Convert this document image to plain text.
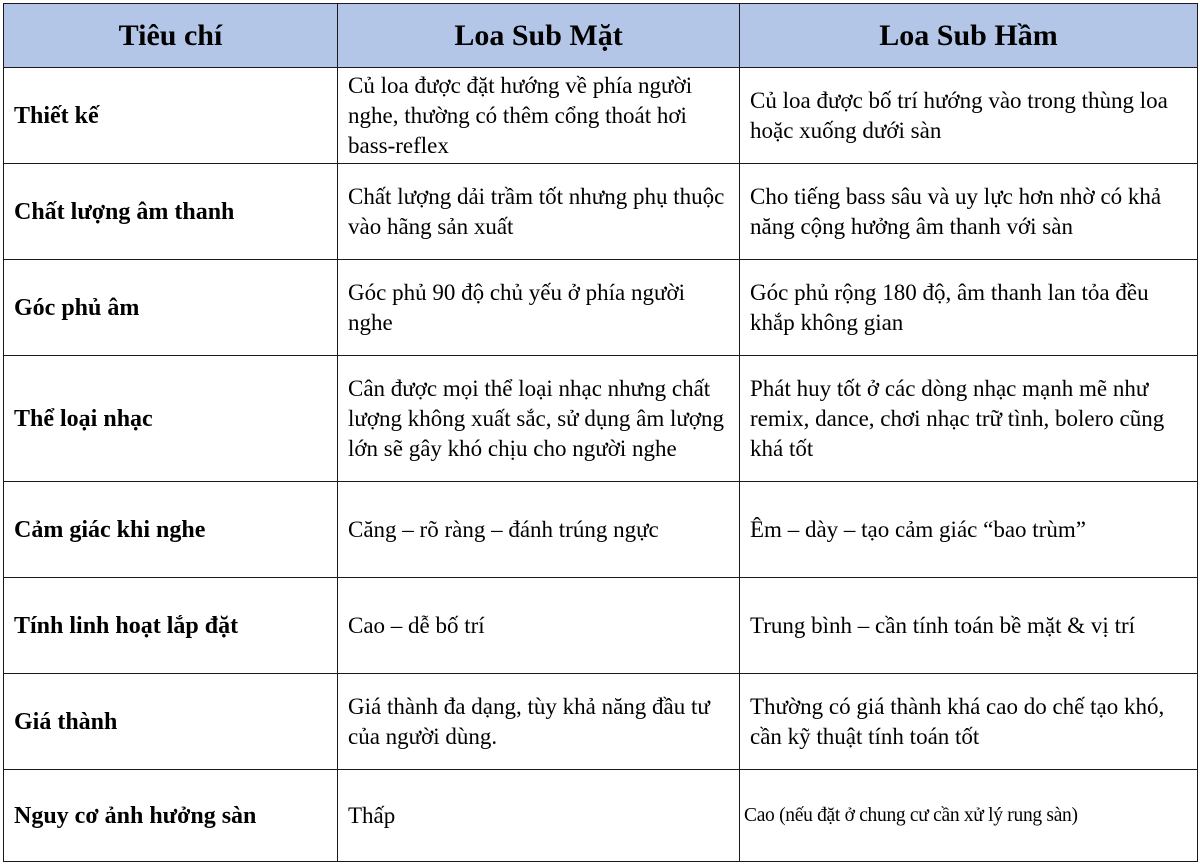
Tiêu chí	Loa Sub Mặt	Loa Sub Hầm
Thiết kế	Củ loa được đặt hướng về phía người nghe, thường có thêm cổng thoát hơi bass-reflex	Củ loa được bố trí hướng vào trong thùng loa hoặc xuống dưới sàn
Chất lượng âm thanh	Chất lượng dải trầm tốt nhưng phụ thuộc vào hãng sản xuất	Cho tiếng bass sâu và uy lực hơn nhờ có khả năng cộng hưởng âm thanh với sàn
Góc phủ âm	Góc phủ 90 độ chủ yếu ở phía người nghe	Góc phủ rộng 180 độ, âm thanh lan tỏa đều khắp không gian
Thể loại nhạc	Cân được mọi thể loại nhạc nhưng chất lượng không xuất sắc, sử dụng âm lượng lớn sẽ gây khó chịu cho người nghe	Phát huy tốt ở các dòng nhạc mạnh mẽ như remix, dance, chơi nhạc trữ tình, bolero cũng khá tốt
Cảm giác khi nghe	Căng – rõ ràng – đánh trúng ngực	Êm – dày – tạo cảm giác “bao trùm”
Tính linh hoạt lắp đặt	Cao – dễ bố trí	Trung bình – cần tính toán bề mặt & vị trí
Giá thành	Giá thành đa dạng, tùy khả năng đầu tư của người dùng.	Thường có giá thành khá cao do chế tạo khó, cần kỹ thuật tính toán tốt
Nguy cơ ảnh hưởng sàn	Thấp	Cao (nếu đặt ở chung cư cần xử lý rung sàn)
